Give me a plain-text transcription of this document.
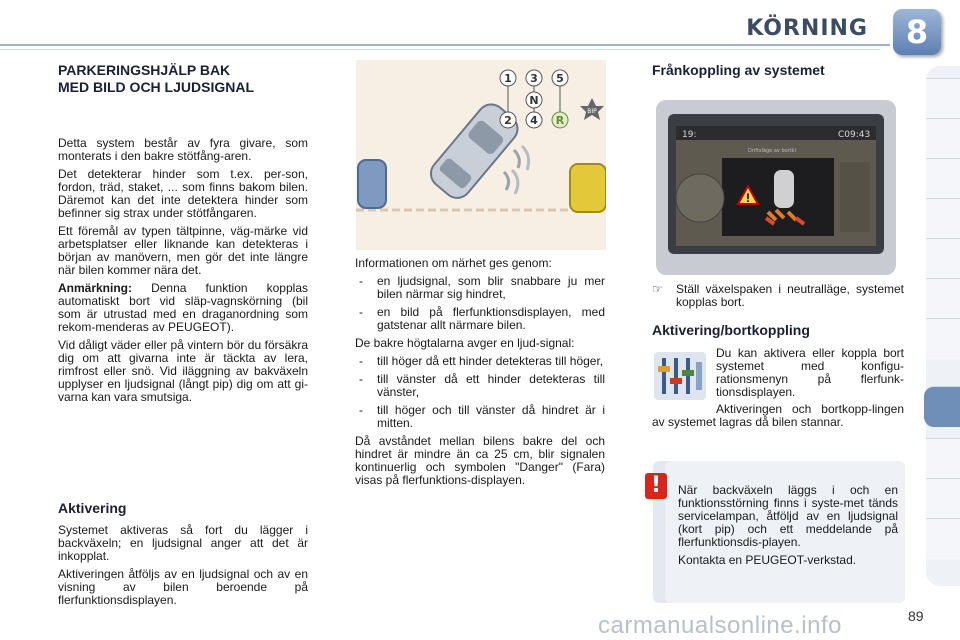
KÖRNING	8
PARKERINGSHJÄLP BAK
MED BILD OCH LJUDSIGNAL

Detta system består av fyra givare, som monterats i den bakre stötfång-aren.

Det detekterar hinder som t.ex. per-son, fordon, träd, staket, ... som finns bakom bilen. Däremot kan det inte detektera hinder som befinner sig strax under stötfångaren.

Ett föremål av typen tältpinne, väg-märke vid arbetsplatser eller liknande kan detekteras i början av manövern, men gör det inte längre när bilen kommer nära det.

Anmärkning: Denna funktion kopplas automatiskt bort vid släp-vagnskörning (bil som är utrustad med en draganordning som rekom-menderas av PEUGEOT).

Vid dåligt väder eller på vintern bör du försäkra dig om att givarna inte är täckta av lera, rimfrost eller snö. Vid iläggning av bakväxeln upplyser en ljudsignal (långt pip) dig om att gi-varna kan vara smutsiga.

Aktivering

Systemet aktiveras så fort du lägger i backväxeln; en ljudsignal anger att det är inkopplat.

Aktiveringen åtföljs av en ljudsignal och av en visning av bilen beroende på flerfunktionsdisplayen.

1 3 5
N
2 4 R
BIP

Informationen om närhet ges genom:

- en ljudsignal, som blir snabbare ju mer bilen närmar sig hindret,
- en bild på flerfunktionsdisplayen, med gatstenar allt närmare bilen.

De bakre högtalarna avger en ljud-signal:

- till höger då ett hinder detekteras till höger,
- till vänster då ett hinder detekteras till vänster,
- till höger och till vänster då hindret är i mitten.

Då avståndet mellan bilens bakre del och hindret är mindre än ca 25 cm, blir signalen kontinuerlig och symbolen "Danger" (Fara) visas på flerfunktions-displayen.

Frånkoppling av systemet
19:	C09:43
Driftsläge av bortkl
!
☞	Ställ växelspaken i neutralläge, systemet kopplas bort.
Aktivering/bortkoppling

Du kan aktivera eller koppla bort systemet med konfigu-rationsmenyn på flerfunk-tionsdisplayen.

Aktiveringen och bortkopp-lingen av systemet lagras då bilen stannar.

!	När backväxeln läggs i och en funktionsstörning finns i syste-met tänds servicelampan, åtföljd av en ljudsignal (kort pip) och ett meddelande på flerfunktionsdis-playen.

Kontakta en PEUGEOT-verkstad.

carmanualsonline.info	89
